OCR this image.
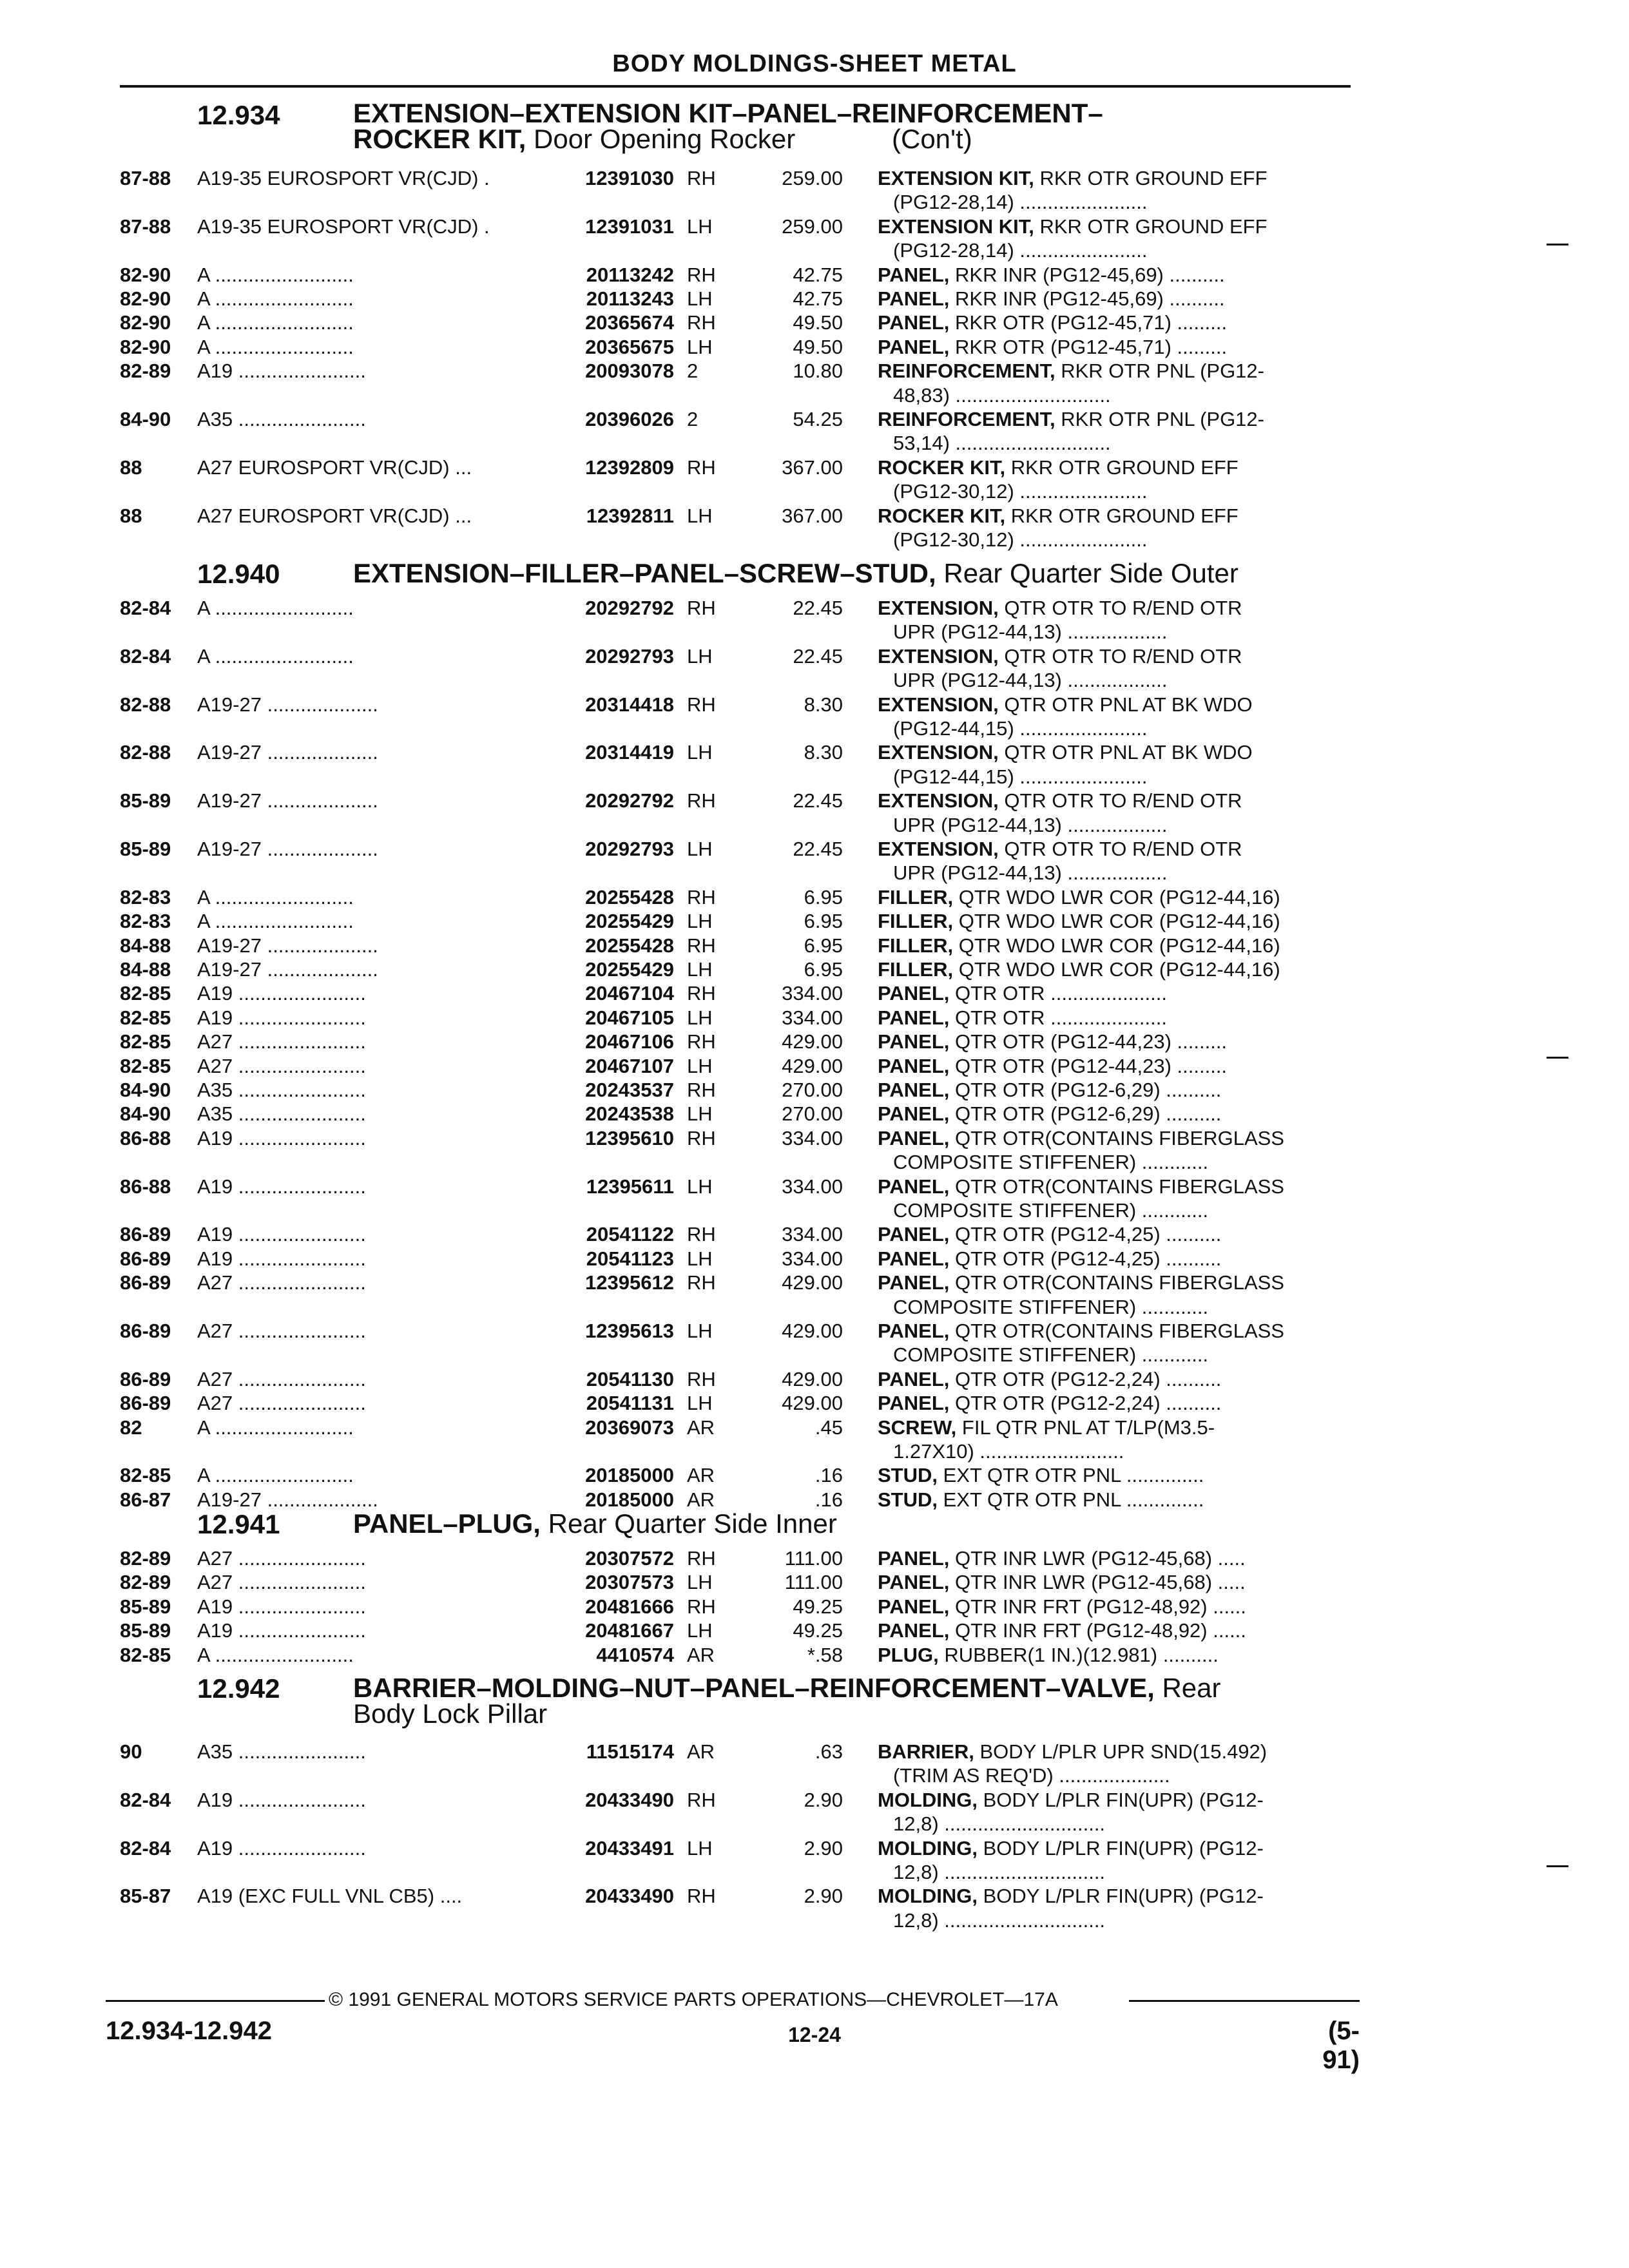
BODY MOLDINGS-SHEET METAL
12.934	EXTENSION–EXTENSION KIT–PANEL–REINFORCEMENT–
ROCKER KIT, Door Opening Rocker	(Con't)
87-88 A19-35 EUROSPORT VR(CJD) .	12391030 RH	259.00 EXTENSION KIT, RKR OTR GROUND EFF
(PG12-28,14) .......................
87-88 A19-35 EUROSPORT VR(CJD) .	12391031 LH	259.00 EXTENSION KIT, RKR OTR GROUND EFF
(PG12-28,14) .......................
82-90 A .........................	20113242 RH	42.75 PANEL, RKR INR (PG12-45,69) ..........
82-90 A .........................	20113243 LH	42.75 PANEL, RKR INR (PG12-45,69) ..........
82-90 A .........................	20365674 RH	49.50 PANEL, RKR OTR (PG12-45,71) .........
82-90 A .........................	20365675 LH	49.50 PANEL, RKR OTR (PG12-45,71) .........
82-89 A19 .......................	20093078 2	10.80 REINFORCEMENT, RKR OTR PNL (PG12-
48,83) ............................
84-90 A35 .......................	20396026 2	54.25 REINFORCEMENT, RKR OTR PNL (PG12-
53,14) ............................
88	A27 EUROSPORT VR(CJD) ...	12392809 RH	367.00 ROCKER KIT, RKR OTR GROUND EFF
(PG12-30,12) .......................
88	A27 EUROSPORT VR(CJD) ...	12392811 LH	367.00 ROCKER KIT, RKR OTR GROUND EFF
(PG12-30,12) .......................
12.940	EXTENSION–FILLER–PANEL–SCREW–STUD, Rear Quarter Side Outer
82-84 A .........................	20292792 RH	22.45 EXTENSION, QTR OTR TO R/END OTR
UPR (PG12-44,13) ..................
82-84 A .........................	20292793 LH	22.45 EXTENSION, QTR OTR TO R/END OTR
UPR (PG12-44,13) ..................
82-88 A19-27 ....................	20314418 RH	8.30 EXTENSION, QTR OTR PNL AT BK WDO
(PG12-44,15) .......................
82-88 A19-27 ....................	20314419 LH	8.30 EXTENSION, QTR OTR PNL AT BK WDO
(PG12-44,15) .......................
85-89 A19-27 ....................	20292792 RH	22.45 EXTENSION, QTR OTR TO R/END OTR
UPR (PG12-44,13) ..................
85-89 A19-27 ....................	20292793 LH	22.45 EXTENSION, QTR OTR TO R/END OTR
UPR (PG12-44,13) ..................
82-83 A .........................	20255428 RH	6.95 FILLER, QTR WDO LWR COR (PG12-44,16)
82-83 A .........................	20255429 LH	6.95 FILLER, QTR WDO LWR COR (PG12-44,16)
84-88 A19-27 ....................	20255428 RH	6.95 FILLER, QTR WDO LWR COR (PG12-44,16)
84-88 A19-27 ....................	20255429 LH	6.95 FILLER, QTR WDO LWR COR (PG12-44,16)
82-85 A19 .......................	20467104 RH	334.00 PANEL, QTR OTR .....................
82-85 A19 .......................	20467105 LH	334.00 PANEL, QTR OTR .....................
82-85 A27 .......................	20467106 RH	429.00 PANEL, QTR OTR (PG12-44,23) .........
82-85 A27 .......................	20467107 LH	429.00 PANEL, QTR OTR (PG12-44,23) .........
84-90 A35 .......................	20243537 RH	270.00 PANEL, QTR OTR (PG12-6,29) ..........
84-90 A35 .......................	20243538 LH	270.00 PANEL, QTR OTR (PG12-6,29) ..........
86-88 A19 .......................	12395610 RH	334.00 PANEL, QTR OTR(CONTAINS FIBERGLASS
COMPOSITE STIFFENER) ............
86-88 A19 .......................	12395611 LH	334.00 PANEL, QTR OTR(CONTAINS FIBERGLASS
COMPOSITE STIFFENER) ............
86-89 A19 .......................	20541122 RH	334.00 PANEL, QTR OTR (PG12-4,25) ..........
86-89 A19 .......................	20541123 LH	334.00 PANEL, QTR OTR (PG12-4,25) ..........
86-89 A27 .......................	12395612 RH	429.00 PANEL, QTR OTR(CONTAINS FIBERGLASS
COMPOSITE STIFFENER) ............
86-89 A27 .......................	12395613 LH	429.00 PANEL, QTR OTR(CONTAINS FIBERGLASS
COMPOSITE STIFFENER) ............
86-89 A27 .......................	20541130 RH	429.00 PANEL, QTR OTR (PG12-2,24) ..........
86-89 A27 .......................	20541131 LH	429.00 PANEL, QTR OTR (PG12-2,24) ..........
82	A .........................	20369073 AR	.45 SCREW, FIL QTR PNL AT T/LP(M3.5-
1.27X10) ..........................
82-85 A .........................	20185000 AR	.16 STUD, EXT QTR OTR PNL ..............
86-87 A19-27 ....................	20185000 AR	.16 STUD, EXT QTR OTR PNL ..............
12.941	PANEL–PLUG, Rear Quarter Side Inner
82-89 A27 .......................	20307572 RH	111.00 PANEL, QTR INR LWR (PG12-45,68) .....
82-89 A27 .......................	20307573 LH	111.00 PANEL, QTR INR LWR (PG12-45,68) .....
85-89 A19 .......................	20481666 RH	49.25 PANEL, QTR INR FRT (PG12-48,92) ......
85-89 A19 .......................	20481667 LH	49.25 PANEL, QTR INR FRT (PG12-48,92) ......
82-85 A .........................	4410574 AR	*.58 PLUG, RUBBER(1 IN.)(12.981) ..........
12.942	BARRIER–MOLDING–NUT–PANEL–REINFORCEMENT–VALVE, Rear
Body Lock Pillar
90	A35 .......................	11515174 AR	.63 BARRIER, BODY L/PLR UPR SND(15.492)
(TRIM AS REQ'D) ....................
82-84 A19 .......................	20433490 RH	2.90 MOLDING, BODY L/PLR FIN(UPR) (PG12-
12,8) .............................
82-84 A19 .......................	20433491 LH	2.90 MOLDING, BODY L/PLR FIN(UPR) (PG12-
12,8) .............................
85-87 A19 (EXC FULL VNL CB5) ....	20433490 RH	2.90 MOLDING, BODY L/PLR FIN(UPR) (PG12-
12,8) .............................
© 1991 GENERAL MOTORS SERVICE PARTS OPERATIONS—CHEVROLET—17A
12.934-12.942	12-24	(5-91)
